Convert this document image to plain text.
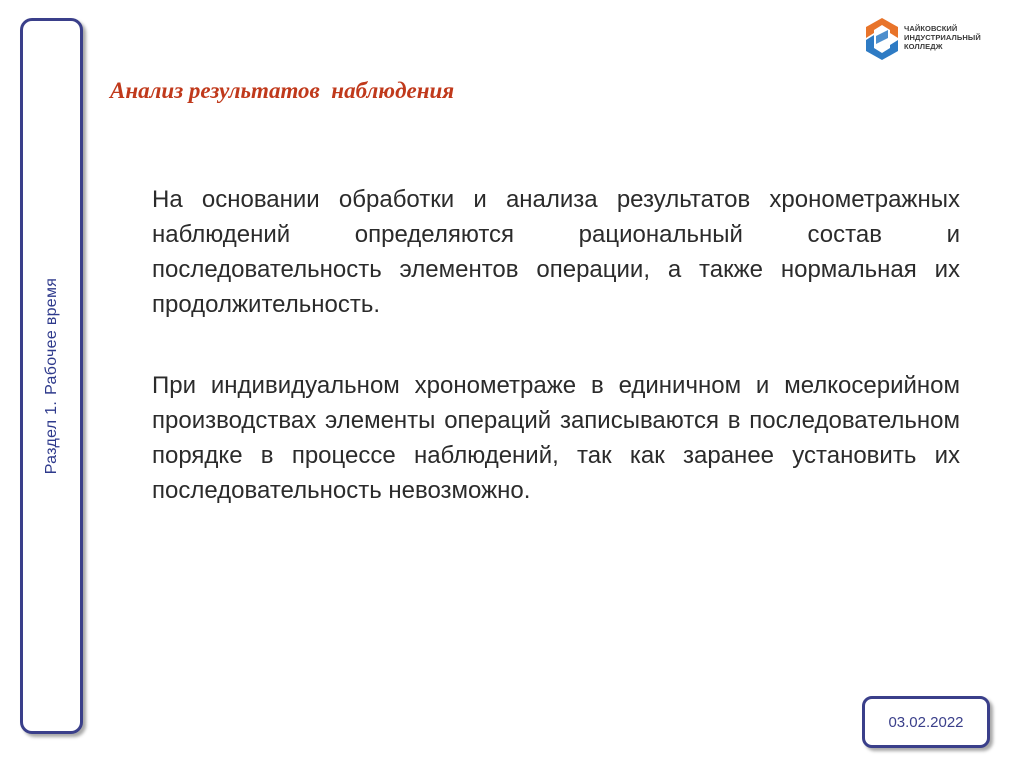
Раздел 1.Рабочее время
ЧАЙКОВСКИЙ
ИНДУСТРИАЛЬНЫЙ
КОЛЛЕДЖ
Анализ результатов  наблюдения

На основании обработки и анализа результатов хронометражных наблюдений определяются рациональный состав и последовательность элементов операции, а также нормальная их продолжительность.

При индивидуальном хронометраже в единичном и мелкосерийном производствах элементы операций записываются в последовательном порядке в процессе наблюдений, так как заранее установить их последовательность невозможно.

03.02.2022
